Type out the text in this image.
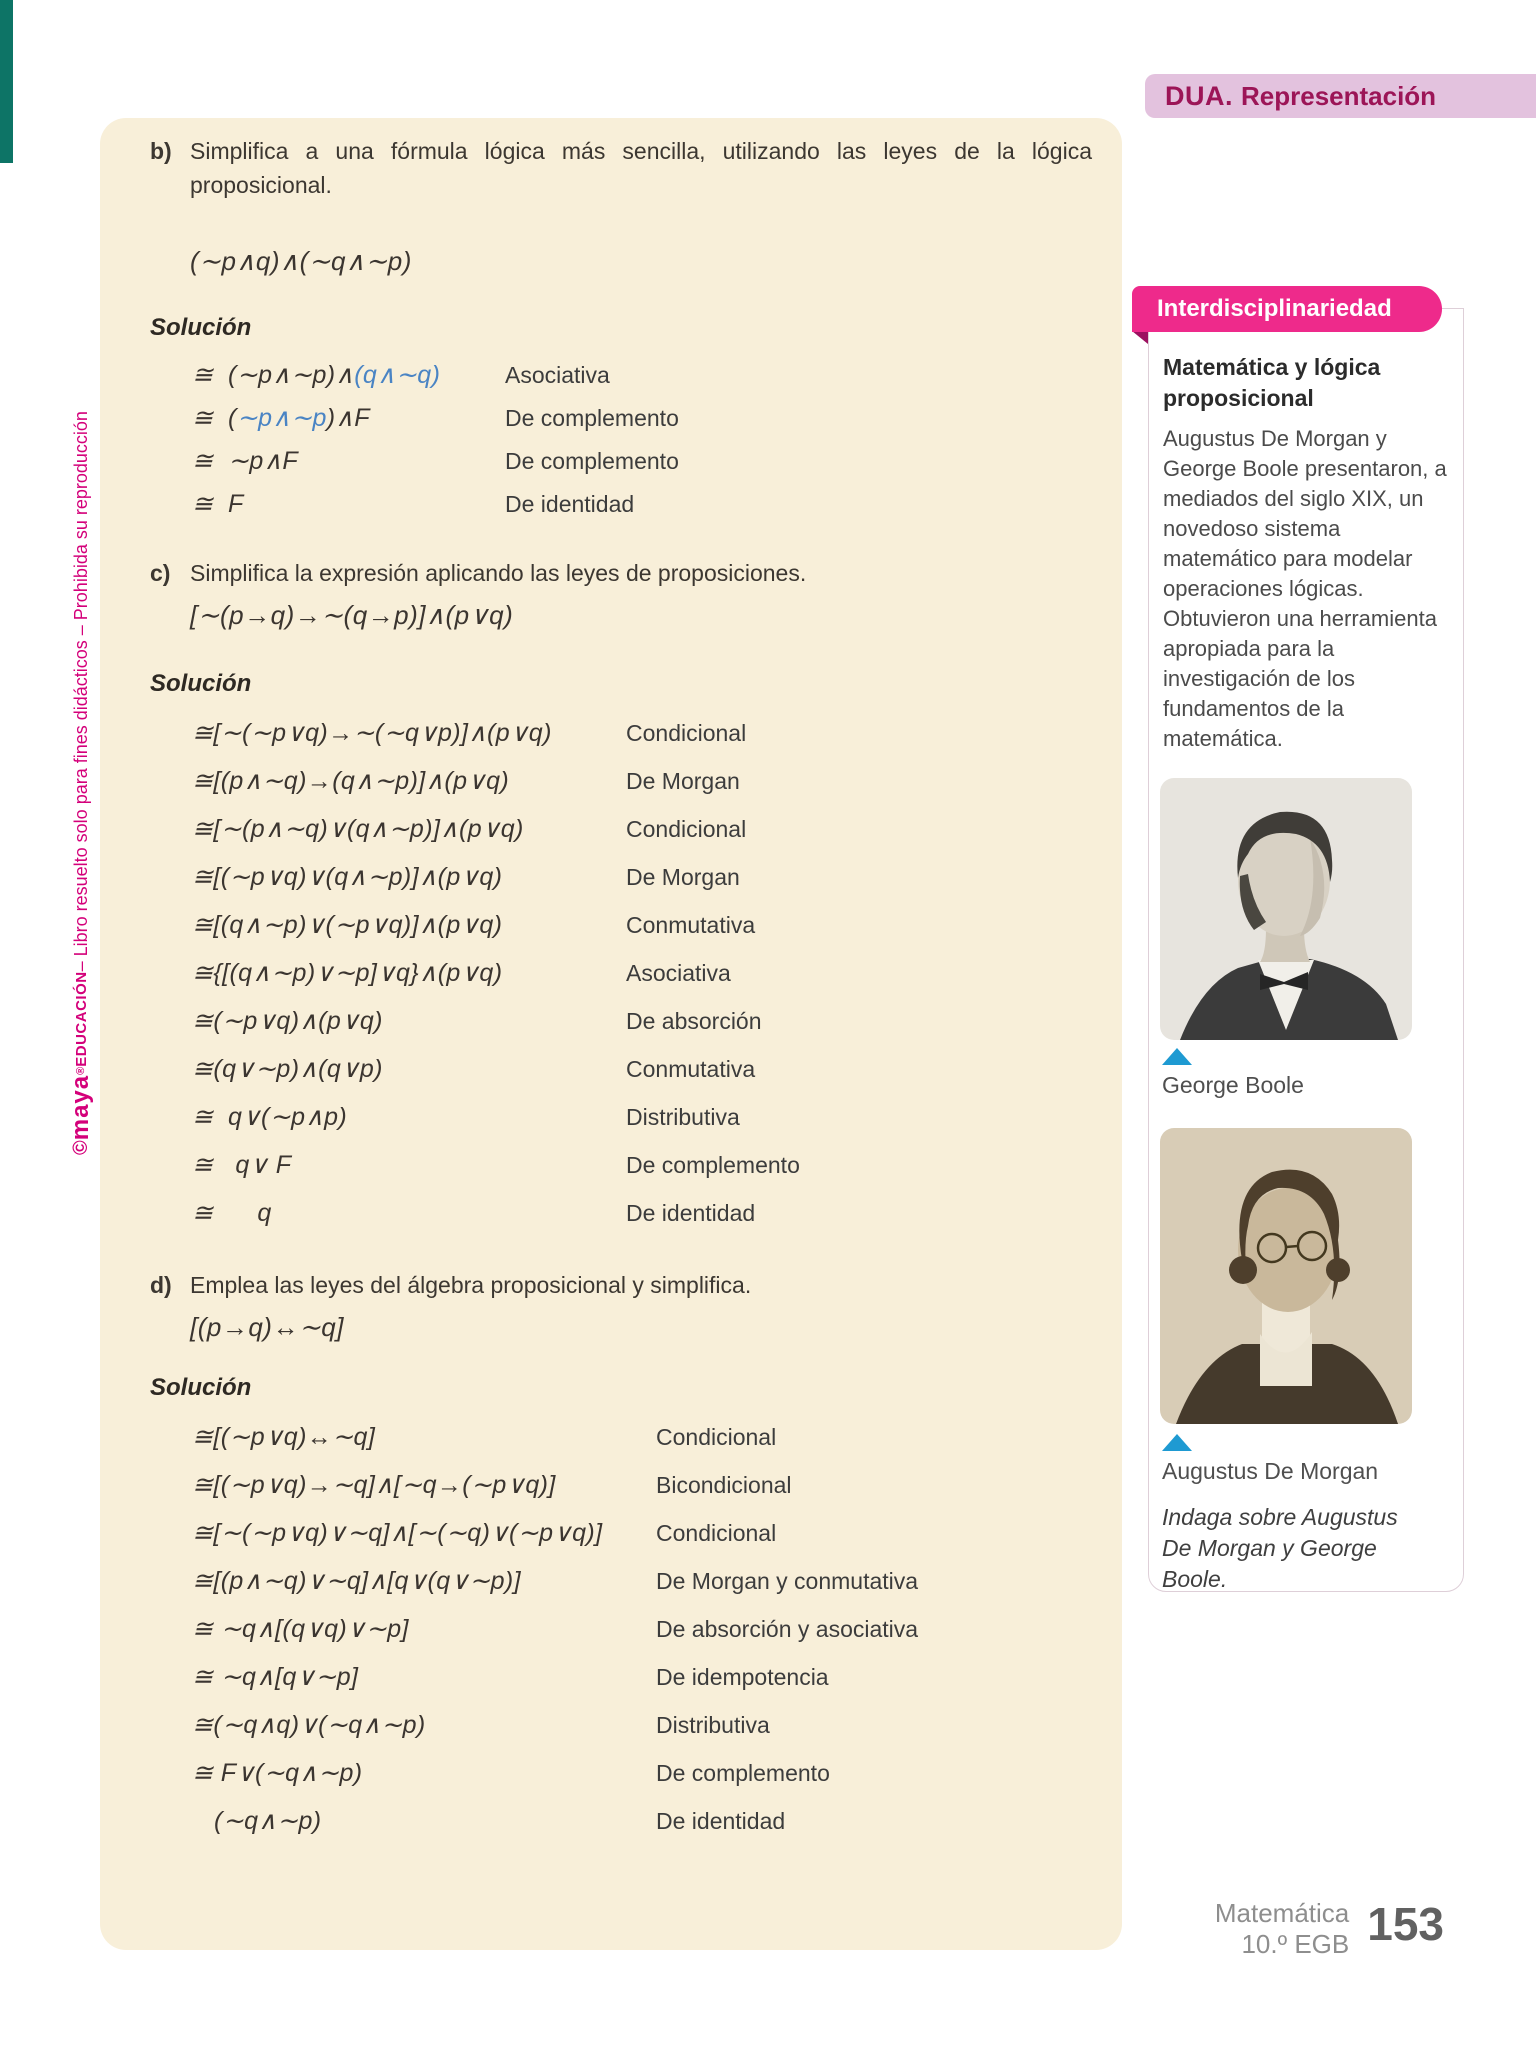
DUA. Representación
©
maya
®
EDUCACIÓN
– Libro resuelto solo para fines didácticos – Prohibida su reproducción
b) Simplifica a una fórmula lógica más sencilla, utilizando las leyes de la lógica proposicional.
(∼p∧q)∧(∼q∧∼p)
Solución
≅  (∼p∧∼p)∧(q∧∼q)	Asociativa
≅  (∼p∧∼p)∧F	De complemento
≅  ∼p∧F	De complemento
≅  F	De identidad
c) Simplifica la expresión aplicando las leyes de proposiciones.
[∼(p→q)→∼(q→p)]∧(p∨q)
Solución
≅[∼(∼p∨q)→∼(∼q∨p)]∧(p∨q)	Condicional
≅[(p∧∼q)→(q∧∼p)]∧(p∨q)	De Morgan
≅[∼(p∧∼q)∨(q∧∼p)]∧(p∨q)	Condicional
≅[(∼p∨q)∨(q∧∼p)]∧(p∨q)	De Morgan
≅[(q∧∼p)∨(∼p∨q)]∧(p∨q)	Conmutativa
≅{[(q∧∼p)∨∼p]∨q}∧(p∨q)	Asociativa
≅(∼p∨q)∧(p∨q)	De absorción
≅(q∨∼p)∧(q∨p)	Conmutativa
≅  q∨(∼p∧p)	Distributiva
≅   q∨ F	De complemento
≅      q	De identidad
d) Emplea las leyes del álgebra proposicional y simplifica.
[(p→q)↔∼q]
Solución
≅[(∼p∨q)↔∼q]	Condicional
≅[(∼p∨q)→∼q]∧[∼q→(∼p∨q)]	Bicondicional
≅[∼(∼p∨q)∨∼q]∧[∼(∼q)∨(∼p∨q)] Condicional
≅[(p∧∼q)∨∼q]∧[q∨(q∨∼p)]	De Morgan y conmutativa
≅ ∼q∧[(q∨q)∨∼p]	De absorción y asociativa
≅ ∼q∧[q∨∼p]	De idempotencia
≅(∼q∧q)∨(∼q∧∼p)	Distributiva
≅ F∨(∼q∧∼p)	De complemento
(∼q∧∼p)	De identidad
Interdisciplinariedad
Matemática y lógica proposicional
Augustus De Morgan y George Boole presentaron, a mediados del siglo XIX, un novedoso sistema matemático para modelar operaciones lógicas. Obtuvieron una herramienta apropiada para la investigación de los fundamentos de la matemática.
George Boole
Augustus De Morgan
Indaga sobre Augustus De Morgan y George Boole.
Matemática
10.º EGB 153
